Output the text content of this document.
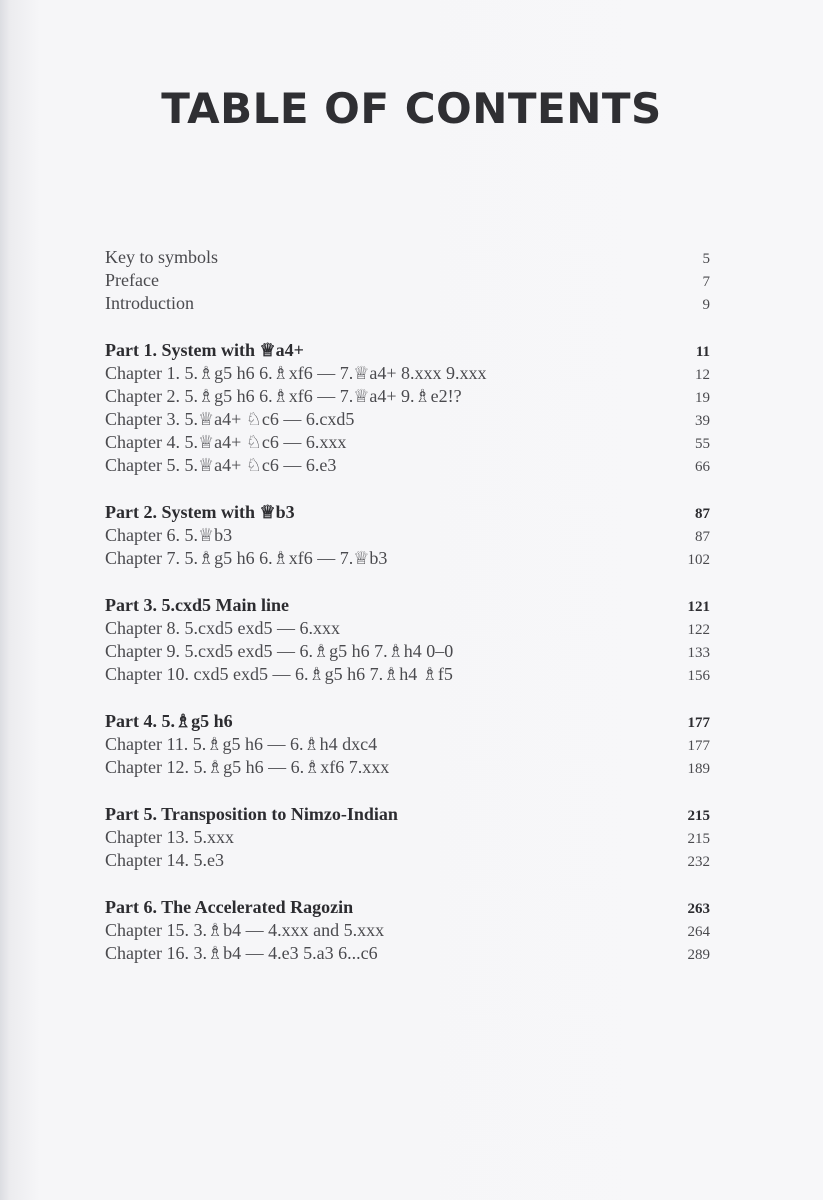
TABLE OF CONTENTS
Key to symbols	5
Preface	7
Introduction	9
Part 1. System with ♕a4+	11
Chapter 1. 5.♗g5 h6 6.♗xf6 — 7.♕a4+ 8.xxx 9.xxx	12
Chapter 2. 5.♗g5 h6 6.♗xf6 — 7.♕a4+ 9.♗e2!?	19
Chapter 3. 5.♕a4+ ♘c6 — 6.cxd5	39
Chapter 4. 5.♕a4+ ♘c6 — 6.xxx	55
Chapter 5. 5.♕a4+ ♘c6 — 6.e3	66
Part 2. System with ♕b3	87
Chapter 6. 5.♕b3	87
Chapter 7. 5.♗g5 h6 6.♗xf6 — 7.♕b3	102
Part 3. 5.cxd5 Main line	121
Chapter 8. 5.cxd5 exd5 — 6.xxx	122
Chapter 9. 5.cxd5 exd5 — 6.♗g5 h6 7.♗h4 0–0	133
Chapter 10. cxd5 exd5 — 6.♗g5 h6 7.♗h4 ♗f5	156
Part 4. 5.♗g5 h6	177
Chapter 11. 5.♗g5 h6 — 6.♗h4 dxc4	177
Chapter 12. 5.♗g5 h6 — 6.♗xf6 7.xxx	189
Part 5. Transposition to Nimzo-Indian	215
Chapter 13. 5.xxx	215
Chapter 14. 5.e3	232
Part 6. The Accelerated Ragozin	263
Chapter 15. 3.♗b4 — 4.xxx and 5.xxx	264
Chapter 16. 3.♗b4 — 4.e3 5.a3 6...c6	289
